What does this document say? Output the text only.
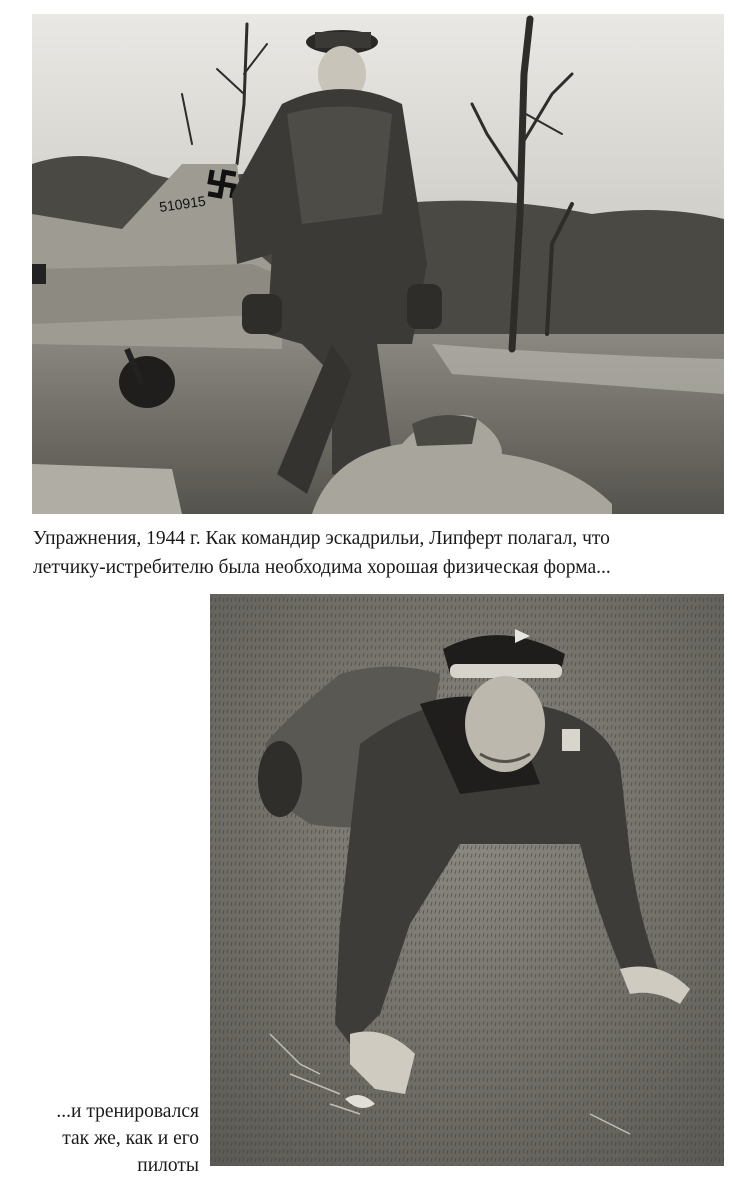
510915
Упражнения, 1944 г. Как командир эскадрильи, Липферт полагал, что
летчику-истребителю была необходима хорошая физическая форма...
...и тренировался
так же, как и его
пилоты
